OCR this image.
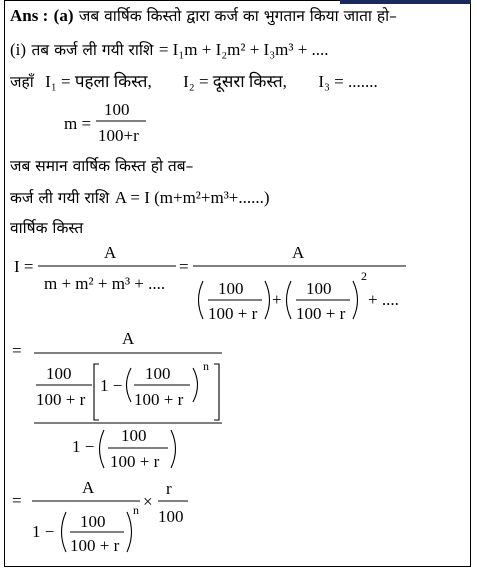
Ans : (a) जब वार्षिक किस्तो द्वारा कर्ज का भुगतान किया जाता हो–
(i) तब कर्ज ली गयी राशि = I₁m + I₂m² + I₃m³ + ....
जहाँ I₁ = पहला किस्त, I₂ = दूसरा किस्त, I₃ = .......
जब समान वार्षिक किस्त हो तब–
कर्ज ली गयी राशि A = I (m+m²+m³+......)
वार्षिक किस्त
m =
100
100+r
I =
A
m + m² + m³ + ....
=
A
100
100 + r
+
100
100 + r
2
+ ....
=
A
100
100 + r
1 −
100
100 + r
n
1 −
100
100 + r
=
A
1 −
100
100 + r
n ×
r
100
